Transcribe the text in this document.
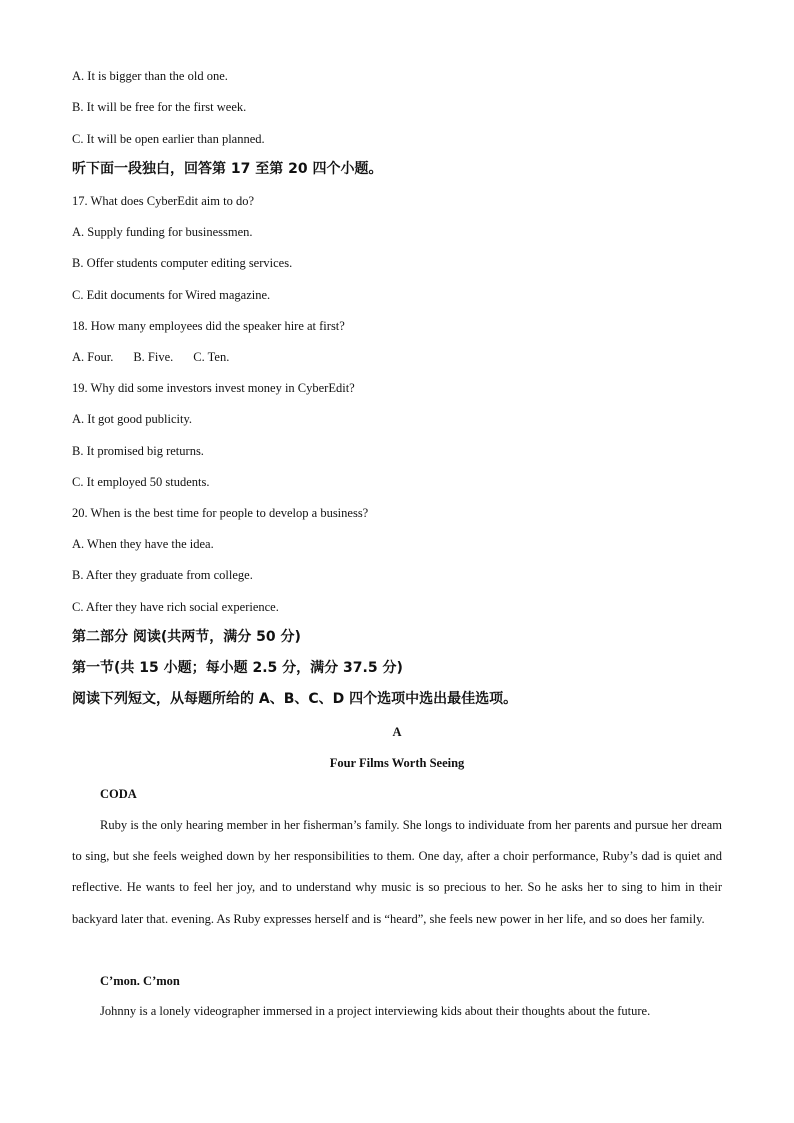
A. It is bigger than the old one.
B. It will be free for the first week.
C. It will be open earlier than planned.
听下面一段独白，回答第 17 至第 20 四个小题。
17. What does CyberEdit aim to do?
A. Supply funding for businessmen.
B. Offer students computer editing services.
C. Edit documents for Wired magazine.
18. How many employees did the speaker hire at first?
A. Four. B. Five. C. Ten.
19. Why did some investors invest money in CyberEdit?
A. It got good publicity.
B. It promised big returns.
C. It employed 50 students.
20. When is the best time for people to develop a business?
A. When they have the idea.
B. After they graduate from college.
C. After they have rich social experience.
第二部分 阅读(共两节，满分 50 分)
第一节(共 15 小题；每小题 2.5 分，满分 37.5 分)
阅读下列短文，从每题所给的 A、B、C、D 四个选项中选出最佳选项。
A
Four Films Worth Seeing
CODA
Ruby is the only hearing member in her fisherman’s family. She longs to individuate from her parents and pursue her dream to sing, but she feels weighed down by her responsibilities to them. One day, after a choir performance, Ruby’s dad is quiet and reflective. He wants to feel her joy, and to understand why music is so precious to her. So he asks her to sing to him in their backyard later that. evening. As Ruby expresses herself and is “heard”, she feels new power in her life, and so does her family.
C’mon. C’mon
Johnny is a lonely videographer immersed in a project interviewing kids about their thoughts about the future.
